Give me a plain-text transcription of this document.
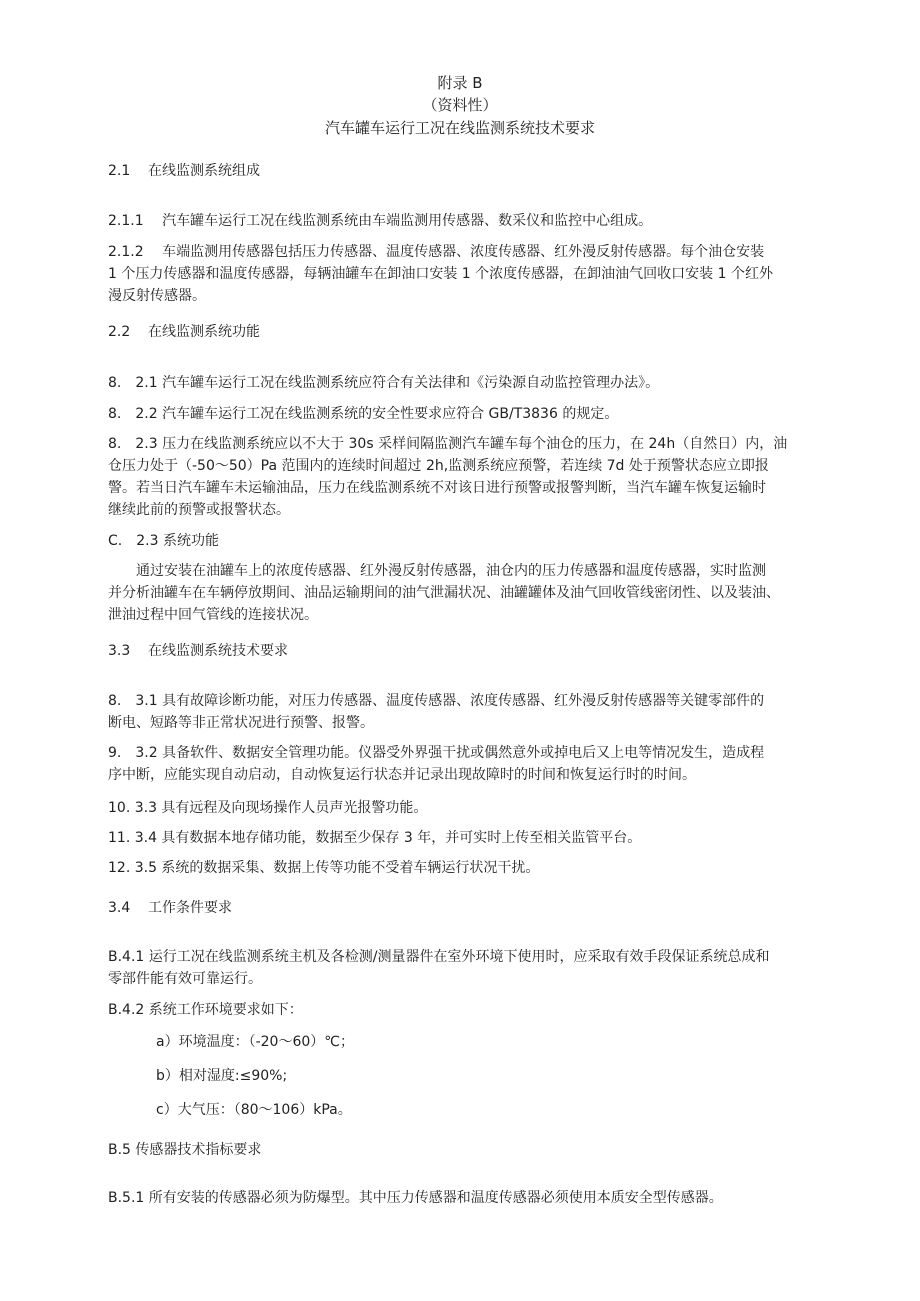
附录 B
（资料性）
汽车罐车运行工况在线监测系统技术要求
2.1 在线监测系统组成
2.1.1　 汽车罐车运行工况在线监测系统由车端监测用传感器、数采仪和监控中心组成。
2.1.2　 车端监测用传感器包括压力传感器、温度传感器、浓度传感器、红外漫反射传感器。每个油仓安装
1 个压力传感器和温度传感器，每辆油罐车在卸油口安装 1 个浓度传感器，在卸油油气回收口安装 1 个红外
漫反射传感器。
2.2 在线监测系统功能
8.　2.1 汽车罐车运行工况在线监测系统应符合有关法律和《污染源自动监控管理办法》。
8.　2.2 汽车罐车运行工况在线监测系统的安全性要求应符合 GB/T3836 的规定。
8.　2.3 压力在线监测系统应以不大于 30s 采样间隔监测汽车罐车每个油仓的压力，在 24h（自然日）内，油
仓压力处于（-50～50）Pa 范围内的连续时间超过 2h,监测系统应预警，若连续 7d 处于预警状态应立即报
警。若当日汽车罐车未运输油品，压力在线监测系统不对该日进行预警或报警判断，当汽车罐车恢复运输时
继续此前的预警或报警状态。
C.　2.3 系统功能
通过安装在油罐车上的浓度传感器、红外漫反射传感器，油仓内的压力传感器和温度传感器，实时监测
并分析油罐车在车辆停放期间、油品运输期间的油气泄漏状况、油罐罐体及油气回收管线密闭性、以及装油、
泄油过程中回气管线的连接状况。
3.3 在线监测系统技术要求
8.　3.1 具有故障诊断功能，对压力传感器、温度传感器、浓度传感器、红外漫反射传感器等关键零部件的
断电、短路等非正常状况进行预警、报警。
9.　3.2 具备软件、数据安全管理功能。仪器受外界强干扰或偶然意外或掉电后又上电等情况发生，造成程
序中断，应能实现自动启动，自动恢复运行状态并记录出现故障时的时间和恢复运行时的时间。
10. 3.3 具有远程及向现场操作人员声光报警功能。
11. 3.4 具有数据本地存储功能，数据至少保存 3 年，并可实时上传至相关监管平台。
12. 3.5 系统的数据采集、数据上传等功能不受着车辆运行状况干扰。
3.4 工作条件要求
B.4.1 运行工况在线监测系统主机及各检测/测量器件在室外环境下使用时，应采取有效手段保证系统总成和
零部件能有效可靠运行。
B.4.2 系统工作环境要求如下：
a）环境温度：（-20～60）℃；
b）相对湿度:≤90%;
c）大气压：（80～106）kPa。
B.5 传感器技术指标要求
B.5.1 所有安装的传感器必须为防爆型。其中压力传感器和温度传感器必须使用本质安全型传感器。
